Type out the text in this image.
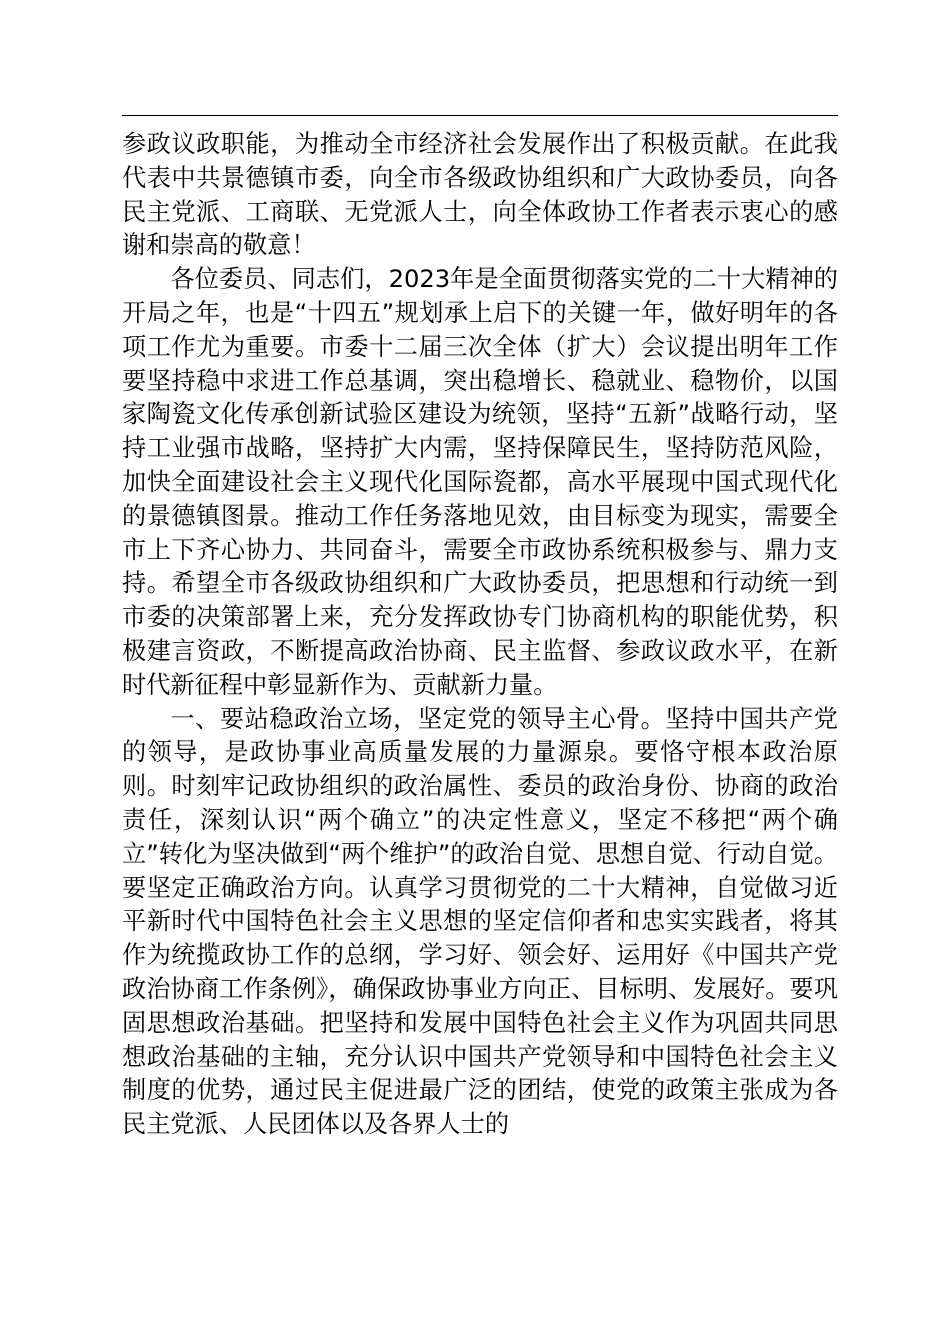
参政议政职能，为推动全市经济社会发展作出了积极贡献。在此我代表中共景德镇市委，向全市各级政协组织和广大政协委员，向各民主党派、工商联、无党派人士，向全体政协工作者表示衷心的感谢和崇高的敬意！

各位委员、同志们，2023年是全面贯彻落实党的二十大精神的开局之年，也是“十四五”规划承上启下的关键一年，做好明年的各项工作尤为重要。市委十二届三次全体（扩大）会议提出明年工作要坚持稳中求进工作总基调，突出稳增长、稳就业、稳物价，以国家陶瓷文化传承创新试验区建设为统领，坚持“五新”战略行动，坚持工业强市战略，坚持扩大内需，坚持保障民生，坚持防范风险，加快全面建设社会主义现代化国际瓷都，高水平展现中国式现代化的景德镇图景。推动工作任务落地见效，由目标变为现实，需要全市上下齐心协力、共同奋斗，需要全市政协系统积极参与、鼎力支持。希望全市各级政协组织和广大政协委员，把思想和行动统一到市委的决策部署上来，充分发挥政协专门协商机构的职能优势，积极建言资政，不断提高政治协商、民主监督、参政议政水平，在新时代新征程中彰显新作为、贡献新力量。

一、要站稳政治立场，坚定党的领导主心骨。坚持中国共产党的领导，是政协事业高质量发展的力量源泉。要恪守根本政治原则。时刻牢记政协组织的政治属性、委员的政治身份、协商的政治责任，深刻认识“两个确立”的决定性意义，坚定不移把“两个确立”转化为坚决做到“两个维护”的政治自觉、思想自觉、行动自觉。要坚定正确政治方向。认真学习贯彻党的二十大精神，自觉做习近平新时代中国特色社会主义思想的坚定信仰者和忠实实践者，将其作为统揽政协工作的总纲，学习好、领会好、运用好《中国共产党政治协商工作条例》，确保政协事业方向正、目标明、发展好。要巩固思想政治基础。把坚持和发展中国特色社会主义作为巩固共同思想政治基础的主轴，充分认识中国共产党领导和中国特色社会主义制度的优势，通过民主促进最广泛的团结，使党的政策主张成为各民主党派、人民团体以及各界人士的
